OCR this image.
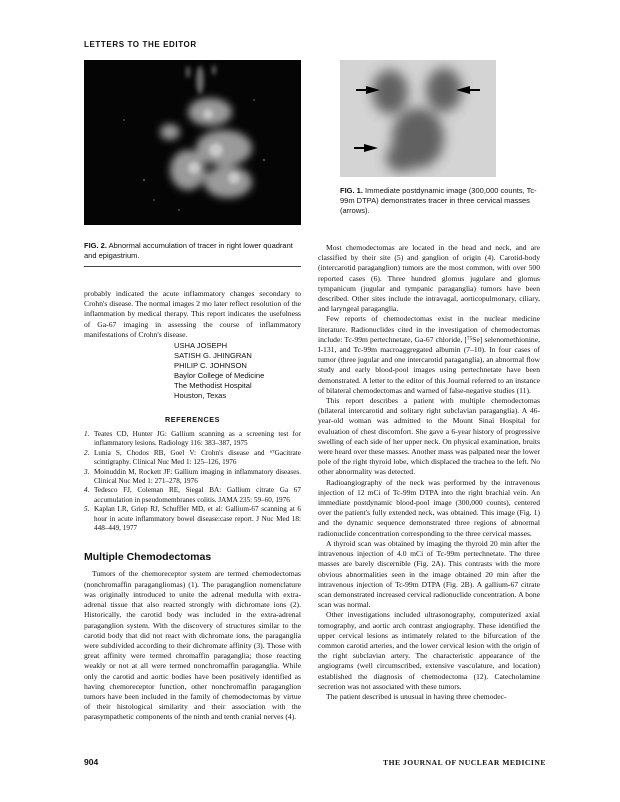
LETTERS TO THE EDITOR
FIG. 1. Immediate postdynamic image (300,000 counts, Tc-99m DTPA) demonstrates tracer in three cervical masses (arrows).
FIG. 2. Abnormal accumulation of tracer in right lower quadrant and epigastrium.

probably indicated the acute inflammatory changes secondary to Crohn's disease. The normal images 2 mo later reflect resolution of the inflammation by medical therapy. This report indicates the usefulness of Ga-67 imaging in assessing the course of inflammatory manifestations of Crohn's disease.

USHA JOSEPH
SATISH G. JHINGRAN
PHILIP C. JOHNSON
Baylor College of Medicine
The Methodist Hospital
Houston, Texas
REFERENCES
1. Teates CD, Hunter JG: Gallium scanning as a screening test for inflammatory lesions. Radiology 116: 383–387, 1975
2. Lunia S, Chodos RB, Goel V: Crohn's disease and ⁶⁷Gacitrate scintigraphy. Clinical Nuc Med 1: 125–126, 1976
3. Moinuddin M, Rockett JF: Gallium imaging in inflammatory diseases. Clinical Nuc Med 1: 271–278, 1976
4. Tedesco FJ, Coleman RE, Siegal BA: Gallium citrate Ga 67 accumulation in pseudomembranes colitis. JAMA 235: 59–60, 1976
5. Kaplan LR, Griep RJ, Schuffler MD, et al: Gallium-67 scanning at 6 hour in acute inflammatory bowel disease:case report. J Nuc Med 18: 448–449, 1977
Multiple Chemodectomas

Tumors of the chemoreceptor system are termed chemodectomas (nonchromaffin paragangliomas) (1). The paraganglion nomenclature was originally introduced to unite the adrenal medulla with extra-adrenal tissue that also reacted strongly with dichromate ions (2). Historically, the carotid body was included in the extra-adrenal paraganglion system. With the discovery of structures similar to the carotid body that did not react with dichromate ions, the paraganglia were subdivided according to their dichromate affinity (3). Those with great affinity were termed chromaffin paraganglia; those reacting weakly or not at all were termed nonchromaffin paraganglia. While only the carotid and aortic bodies have been positively identified as having chemoreceptor function, other nonchromaffin paraganglion tumors have been included in the family of chemodectomas by virtue of their histological similarity and their association with the parasympathetic components of the ninth and tenth cranial nerves (4).

Most chemodectomas are located in the head and neck, and are classified by their site (5) and ganglion of origin (4). Carotid-body (intercarotid paraganglion) tumors are the most common, with over 500 reported cases (6). Three hundred glomus jugulare and glomus tympanicum (jugular and tympanic paraganglia) tumors have been described. Other sites include the intravagal, aorticopulmonary, ciliary, and laryngeal paraganglia.

Few reports of chemodectomas exist in the nuclear medicine literature. Radionuclides cited in the investigation of chemodectomas include: Tc-99m pertechnetate, Ga-67 chloride, [⁷⁵Se] selenomethionine, I-131, and Tc-99m macroaggregated albumin (7–10). In four cases of tumor (three jugular and one intercarotid paraganglia), an abnormal flow study and early blood-pool images using pertechnetate have been demonstrated. A letter to the editor of this Journal referred to an instance of bilateral chemodectomas and warned of false-negative studies (11).

This report describes a patient with multiple chemodectomas (bilateral intercarotid and solitary right subclavian paraganglia). A 46-year-old woman was admitted to the Mount Sinai Hospital for evaluation of chest discomfort. She gave a 6-year history of progressive swelling of each side of her upper neck. On physical examination, bruits were heard over these masses. Another mass was palpated near the lower pole of the right thyroid lobe, which displaced the trachea to the left. No other abnormality was detected.

Radioangiography of the neck was performed by the intravenous injection of 12 mCi of Tc-99m DTPA into the right brachial vein. An immediate postdynamic blood-pool image (300,000 counts), centered over the patient's fully extended neck, was obtained. This image (Fig. 1) and the dynamic sequence demonstrated three regions of abnormal radionuclide concentration corresponding to the three cervical masses.

A thyroid scan was obtained by imaging the thyroid 20 min after the intravenous injection of 4.0 mCi of Tc-99m pertechnetate. The three masses are barely discernible (Fig. 2A). This contrasts with the more obvious abnormalities seen in the image obtained 20 min after the intravenous injection of Tc-99m DTPA (Fig. 2B). A gallium-67 citrate scan demonstrated increased cervical radionuclide concentration. A bone scan was normal.

Other investigations included ultrasonography, computerized axial tomography, and aortic arch contrast angiography. These identified the upper cervical lesions as intimately related to the bifurcation of the common carotid arteries, and the lower cervical lesion with the origin of the right subclavian artery. The characteristic appearance of the angiograms (well circumscribed, extensive vasculature, and location) established the diagnosis of chemodectoma (12). Catecholamine secretion was not associated with these tumors.

The patient described is unusual in having three chemodec-

904	THE JOURNAL OF NUCLEAR MEDICINE
